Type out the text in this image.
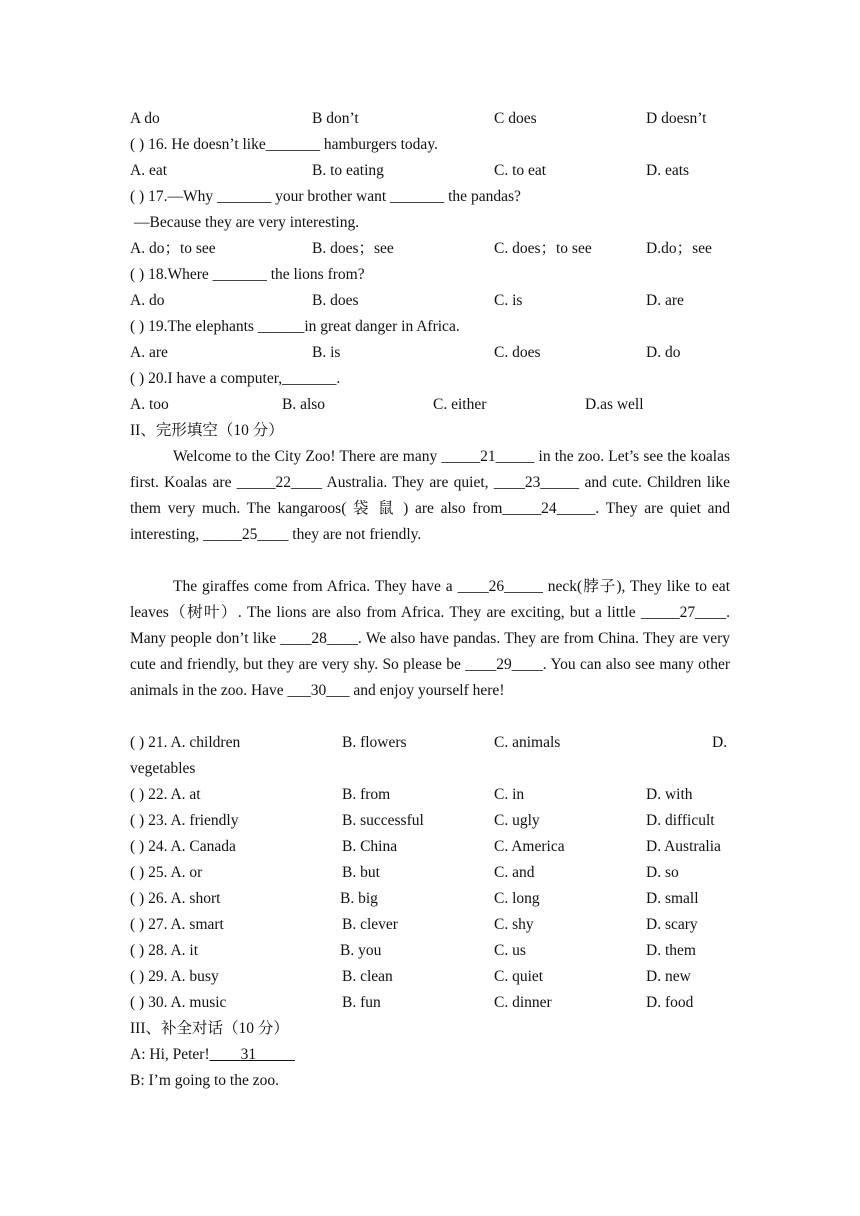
A do	B don’t	C does	D doesn’t
( ) 16. He doesn’t like_______ hamburgers today.
A. eat	B. to eating	C. to eat	D. eats
( ) 17.—Why _______ your brother want _______ the pandas?
—Because they are very interesting.
A. do；to see	B. does；see	C. does；to see	D.do；see
( ) 18.Where _______ the lions from?
A. do	B. does	C. is	D. are
( ) 19.The elephants ______in great danger in Africa.
A. are	B. is	C. does	D. do
( ) 20.I have a computer,_______.
A. too	B. also	C. either	D.as well
II、完形填空（10 分）
Welcome to the City Zoo! There are many _____21_____ in the zoo. Let’s see the koalas first. Koalas are _____22____ Australia. They are quiet, ____23_____ and cute. Children like them very much. The kangaroos( 袋 鼠 ) are also from_____24_____. They are quiet and interesting, _____25____ they are not friendly.
The giraffes come from Africa. They have a ____26_____ neck(脖子), They like to eat leaves（树叶）. The lions are also from Africa. They are exciting, but a little _____27____. Many people don’t like ____28____. We also have pandas. They are from China. They are very cute and friendly, but they are very shy. So please be ____29____. You can also see many other animals in the zoo. Have ___30___ and enjoy yourself here!
( ) 21. A. children	B. flowers	C. animals	D.
vegetables
( ) 22. A. at	B. from	C. in	D. with
( ) 23. A. friendly	B. successful	C. ugly	D. difficult
( ) 24. A. Canada	B. China	C. America	D. Australia
( ) 25. A. or	B. but	C. and	D. so
( ) 26. A. short	B. big	C. long	D. small
( ) 27. A. smart	B. clever	C. shy	D. scary
( ) 28. A. it	B. you	C. us	D. them
( ) 29. A. busy	B. clean	C. quiet	D. new
( ) 30. A. music	B. fun	C. dinner	D. food
III、补全对话（10 分）
A: Hi, Peter!____31_____
B: I’m going to the zoo.
